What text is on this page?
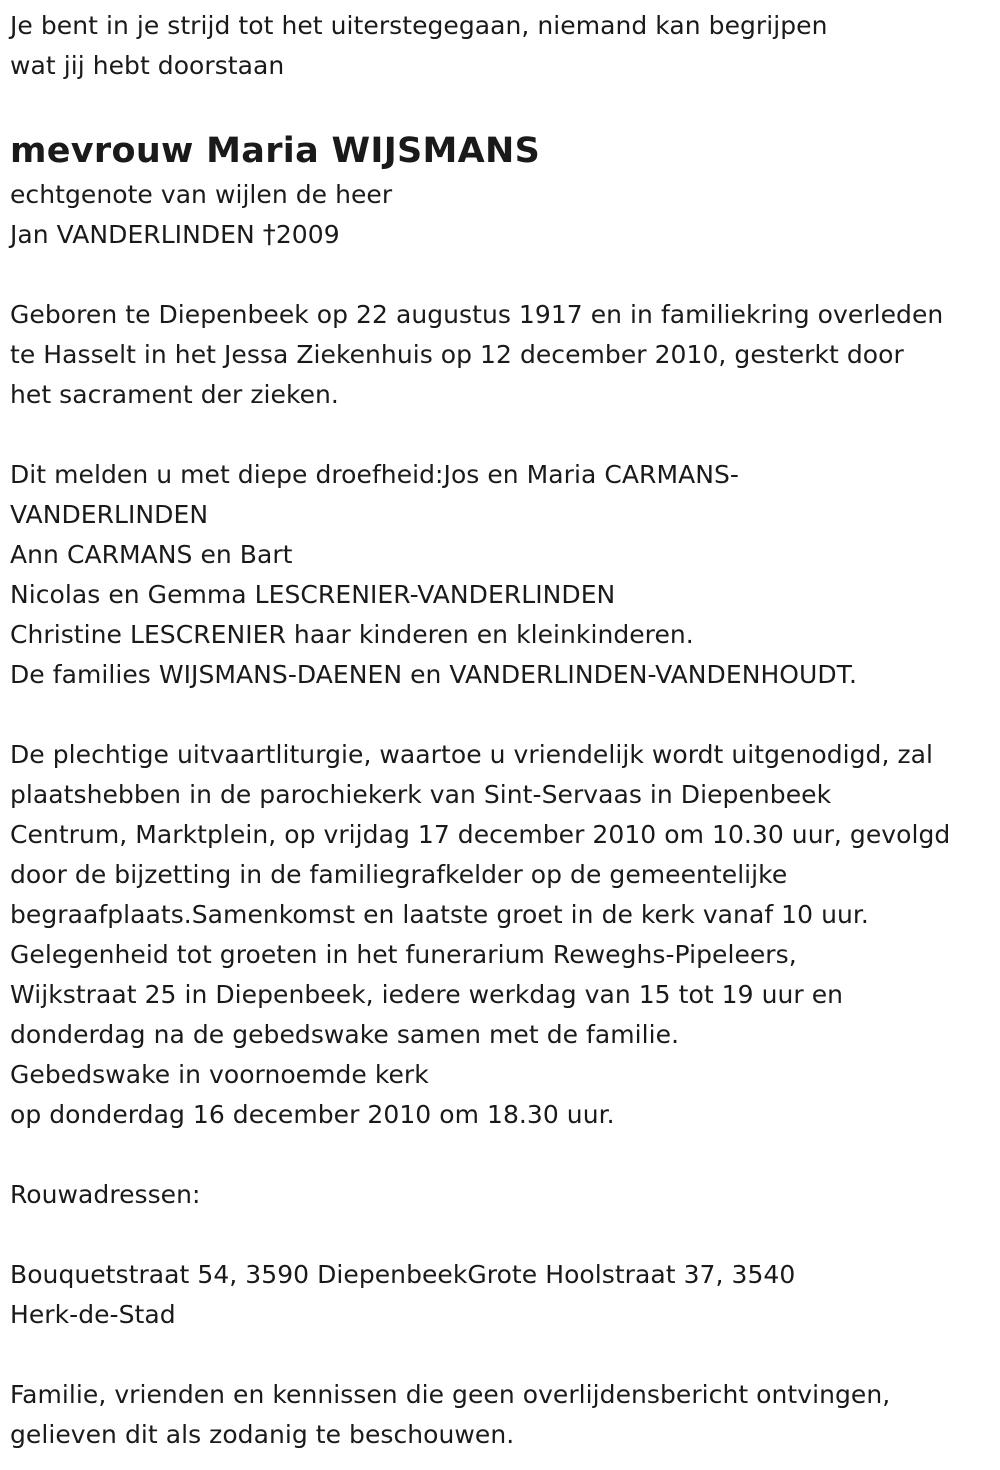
Je bent in je strijd tot het uiterstegegaan, niemand kan begrijpen
wat jij hebt doorstaan
mevrouw Maria WIJSMANS
echtgenote van wijlen de heer
Jan VANDERLINDEN †2009
Geboren te Diepenbeek op 22 augustus 1917 en in familiekring overleden
te Hasselt in het Jessa Ziekenhuis op 12 december 2010, gesterkt door
het sacrament der zieken.
Dit melden u met diepe droefheid:Jos en Maria CARMANS-
VANDERLINDEN
Ann CARMANS en Bart
Nicolas en Gemma LESCRENIER-VANDERLINDEN
Christine LESCRENIER haar kinderen en kleinkinderen.
De families WIJSMANS-DAENEN en VANDERLINDEN-VANDENHOUDT.
De plechtige uitvaartliturgie, waartoe u vriendelijk wordt uitgenodigd, zal
plaatshebben in de parochiekerk van Sint-Servaas in Diepenbeek
Centrum, Marktplein, op vrijdag 17 december 2010 om 10.30 uur, gevolgd
door de bijzetting in de familiegrafkelder op de gemeentelijke
begraafplaats.Samenkomst en laatste groet in de kerk vanaf 10 uur.
Gelegenheid tot groeten in het funerarium Reweghs-Pipeleers,
Wijkstraat 25 in Diepenbeek, iedere werkdag van 15 tot 19 uur en
donderdag na de gebedswake samen met de familie.
Gebedswake in voornoemde kerk
op donderdag 16 december 2010 om 18.30 uur.
Rouwadressen:
Bouquetstraat 54, 3590 DiepenbeekGrote Hoolstraat 37, 3540
Herk-de-Stad
Familie, vrienden en kennissen die geen overlijdensbericht ontvingen,
gelieven dit als zodanig te beschouwen.
